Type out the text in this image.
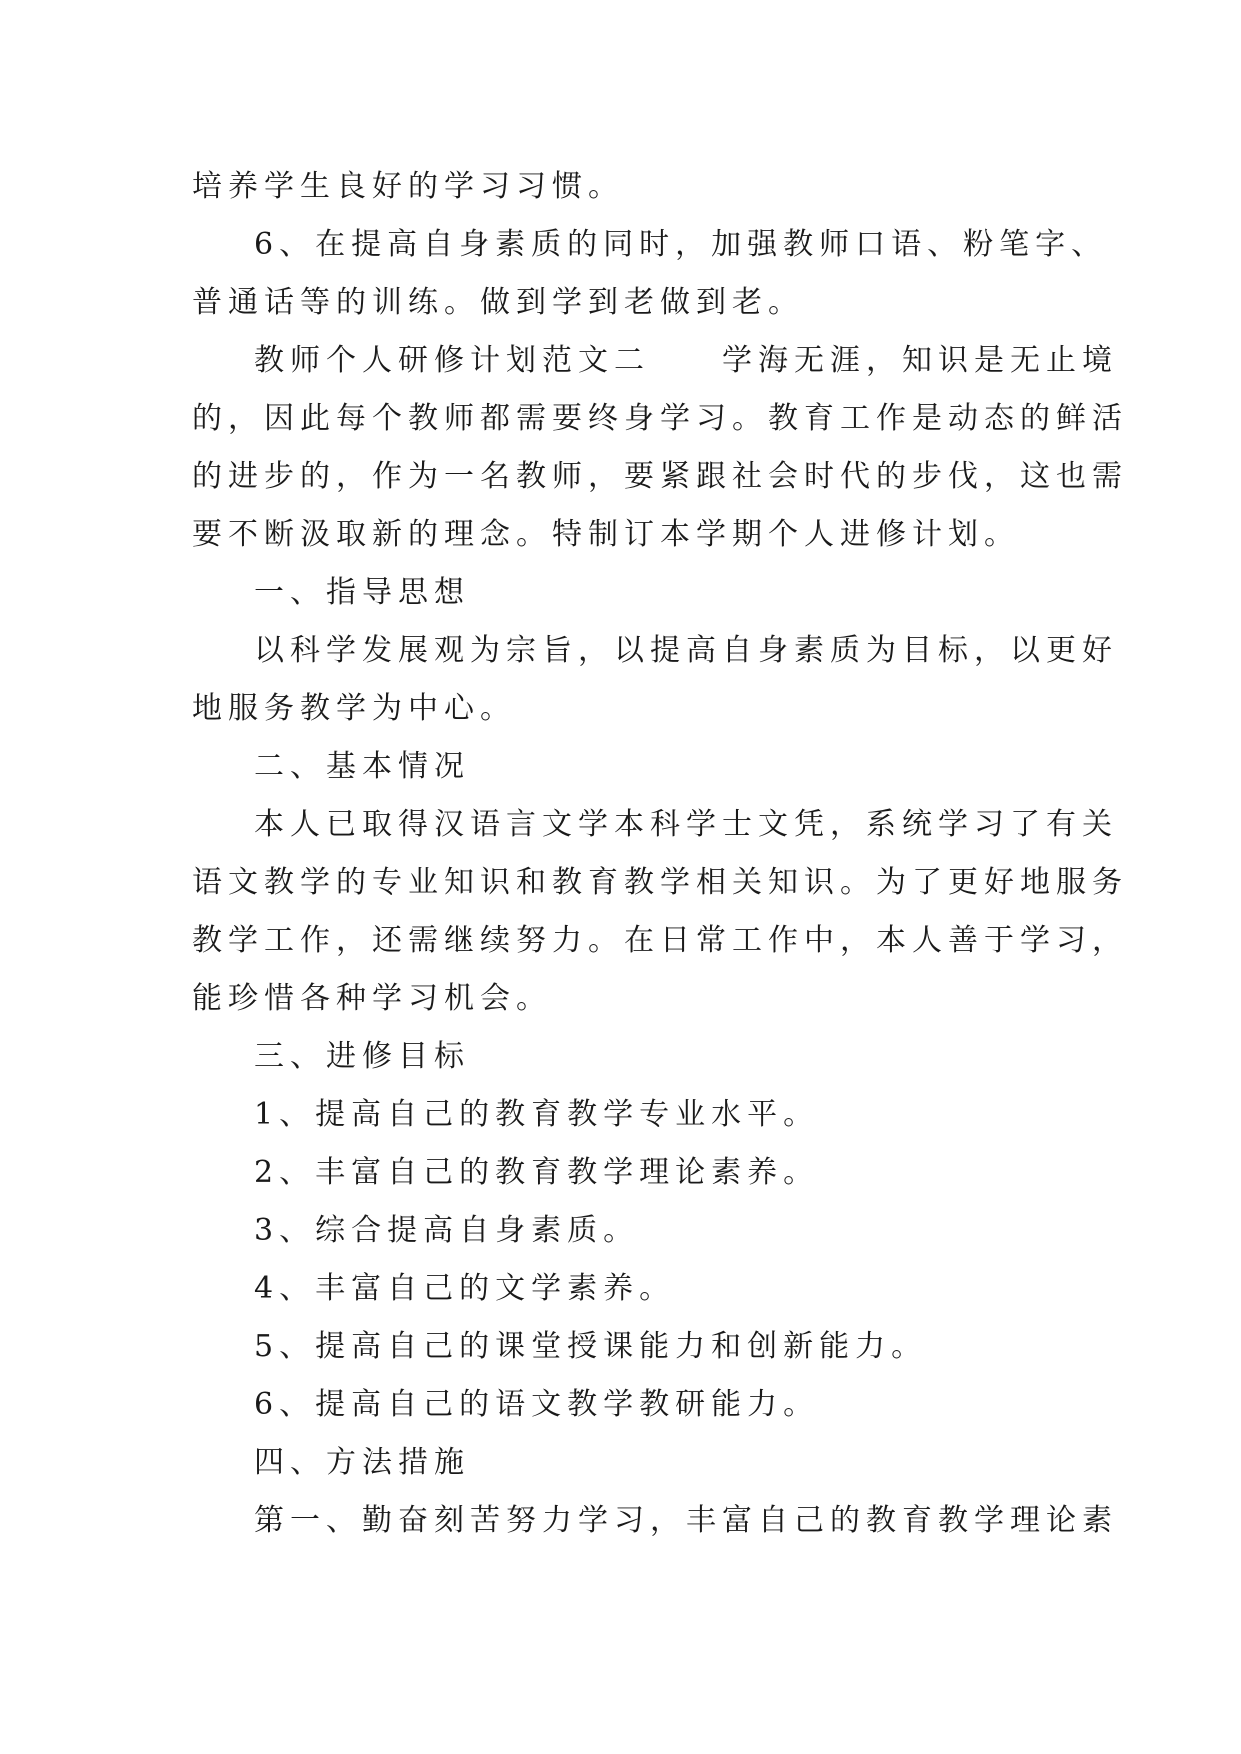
培养学生良好的学习习惯。
6、在提高自身素质的同时，加强教师口语、粉笔字、
普通话等的训练。做到学到老做到老。
教师个人研修计划范文二　　学海无涯，知识是无止境
的，因此每个教师都需要终身学习。教育工作是动态的鲜活
的进步的，作为一名教师，要紧跟社会时代的步伐，这也需
要不断汲取新的理念。特制订本学期个人进修计划。
一、指导思想
以科学发展观为宗旨，以提高自身素质为目标，以更好
地服务教学为中心。
二、基本情况
本人已取得汉语言文学本科学士文凭，系统学习了有关
语文教学的专业知识和教育教学相关知识。为了更好地服务
教学工作，还需继续努力。在日常工作中，本人善于学习，
能珍惜各种学习机会。
三、进修目标
1、提高自己的教育教学专业水平。
2、丰富自己的教育教学理论素养。
3、综合提高自身素质。
4、丰富自己的文学素养。
5、提高自己的课堂授课能力和创新能力。
6、提高自己的语文教学教研能力。
四、方法措施
第一、勤奋刻苦努力学习，丰富自己的教育教学理论素
